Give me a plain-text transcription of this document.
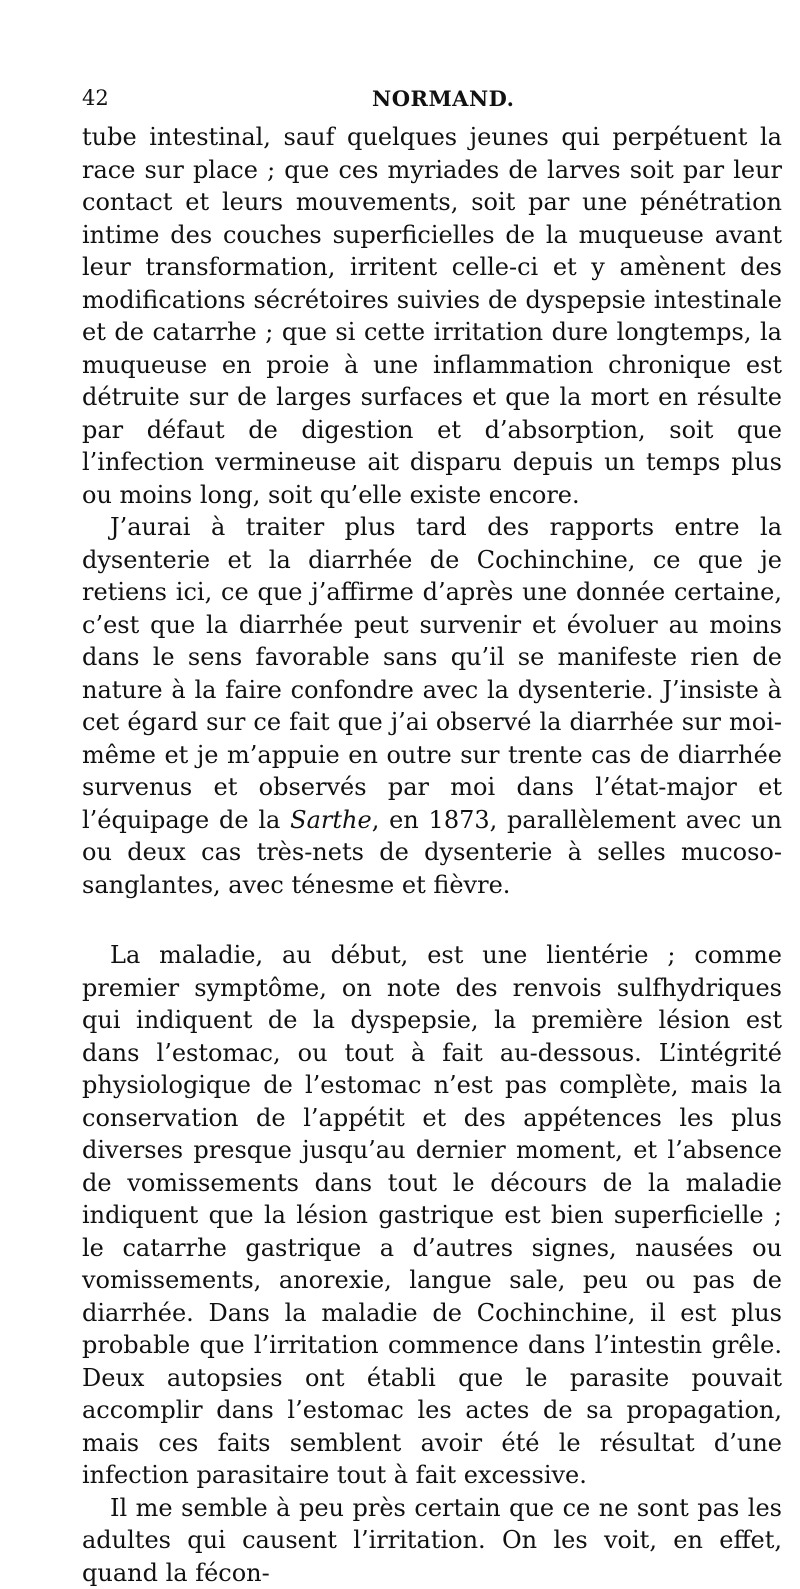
42	NORMAND.

tube intestinal, sauf quelques jeunes qui perpétuent la race sur place ; que ces myriades de larves soit par leur contact et leurs mouvements, soit par une pénétration intime des couches superficielles de la muqueuse avant leur transformation, irritent celle-ci et y amènent des modifications sécrétoires suivies de dyspepsie intestinale et de catarrhe ; que si cette irritation dure longtemps, la muqueuse en proie à une inflammation chronique est détruite sur de larges surfaces et que la mort en résulte par défaut de digestion et d’absorption, soit que l’infection vermineuse ait disparu depuis un temps plus ou moins long, soit qu’elle existe encore.

J’aurai à traiter plus tard des rapports entre la dysenterie et la diarrhée de Cochinchine, ce que je retiens ici, ce que j’affirme d’après une donnée certaine, c’est que la diarrhée peut survenir et évoluer au moins dans le sens favorable sans qu’il se manifeste rien de nature à la faire confondre avec la dysenterie. J’insiste à cet égard sur ce fait que j’ai observé la diarrhée sur moi-même et je m’appuie en outre sur trente cas de diarrhée survenus et observés par moi dans l’état-major et l’équipage de la Sarthe, en 1873, parallèlement avec un ou deux cas très-nets de dysenterie à selles mucoso-sanglantes, avec ténesme et fièvre.

La maladie, au début, est une lientérie ; comme premier symptôme, on note des renvois sulfhydriques qui indiquent de la dyspepsie, la première lésion est dans l’estomac, ou tout à fait au-dessous. L’intégrité physiologique de l’estomac n’est pas complète, mais la conservation de l’appétit et des appétences les plus diverses presque jusqu’au dernier moment, et l’absence de vomissements dans tout le décours de la maladie indiquent que la lésion gastrique est bien superficielle ; le catarrhe gastrique a d’autres signes, nausées ou vomissements, anorexie, langue sale, peu ou pas de diarrhée. Dans la maladie de Cochinchine, il est plus probable que l’irritation commence dans l’intestin grêle. Deux autopsies ont établi que le parasite pouvait accomplir dans l’estomac les actes de sa propagation, mais ces faits semblent avoir été le résultat d’une infection parasitaire tout à fait excessive.

Il me semble à peu près certain que ce ne sont pas les adultes qui causent l’irritation. On les voit, en effet, quand la fécon-
